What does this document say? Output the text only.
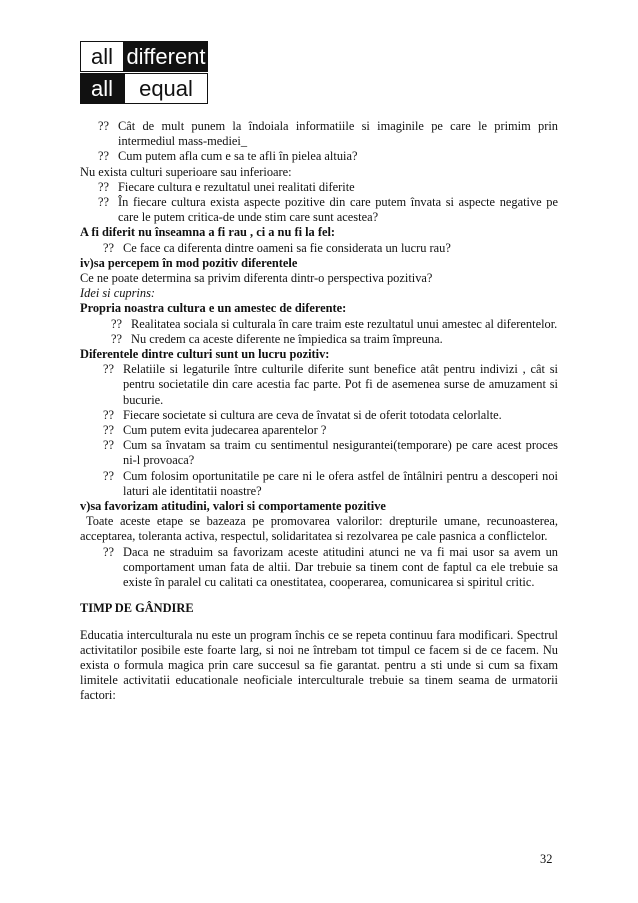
all different
all	equal
?? Cât de mult punem la îndoiala informatiile si imaginile pe care le primim prin intermediul mass-mediei_
?? Cum putem afla cum e sa te afli în pielea altuia?

Nu exista culturi superioare sau inferioare:

?? Fiecare cultura e rezultatul unei realitati diferite
?? În fiecare cultura exista aspecte pozitive din care putem învata si aspecte negative pe care le putem critica-de unde stim care sunt acestea?

A fi diferit nu înseamna a fi rau , ci a nu fi la fel:

?? Ce face ca diferenta dintre oameni sa fie considerata un lucru rau?

iv)sa percepem în mod pozitiv diferentele

Ce ne poate determina sa privim diferenta dintr-o perspectiva pozitiva?

Idei si cuprins:

Propria noastra cultura e un amestec de diferente:

?? Realitatea sociala si culturala în care traim este rezultatul unui amestec al diferentelor.
?? Nu credem ca aceste diferente ne împiedica sa traim împreuna.

Diferentele dintre culturi sunt un lucru pozitiv:

?? Relatiile si legaturile între culturile diferite sunt benefice atât pentru indivizi , cât si pentru societatile din care acestia fac parte. Pot fi de asemenea surse de amuzament si bucurie.
?? Fiecare societate si cultura are ceva de învatat si de oferit totodata celorlalte.
?? Cum putem evita judecarea aparentelor ?
?? Cum sa învatam sa traim cu sentimentul nesigurantei(temporare) pe care acest proces ni-l provoaca?
?? Cum folosim oportunitatile pe care ni le ofera astfel de întâlniri pentru a descoperi noi laturi ale identitatii noastre?

v)sa favorizam atitudini, valori si comportamente pozitive

Toate aceste etape se bazeaza pe promovarea valorilor: drepturile umane, recunoasterea, acceptarea, toleranta activa, respectul, solidaritatea si rezolvarea pe cale pasnica a conflictelor.

?? Daca ne straduim sa favorizam aceste atitudini atunci ne va fi mai usor sa avem un comportament uman fata de altii. Dar trebuie sa tinem cont de faptul ca ele trebuie sa existe în paralel cu calitati ca onestitatea, cooperarea, comunicarea si spiritul critic.

TIMP DE GÂNDIRE

Educatia interculturala nu este un program închis ce se repeta continuu fara modificari. Spectrul activitatilor posibile este foarte larg, si noi ne întrebam tot timpul ce facem si de ce facem. Nu exista o formula magica prin care succesul sa fie garantat. pentru a sti unde si cum sa fixam limitele activitatii educationale neoficiale interculturale trebuie sa tinem seama de urmatorii factori:

32
